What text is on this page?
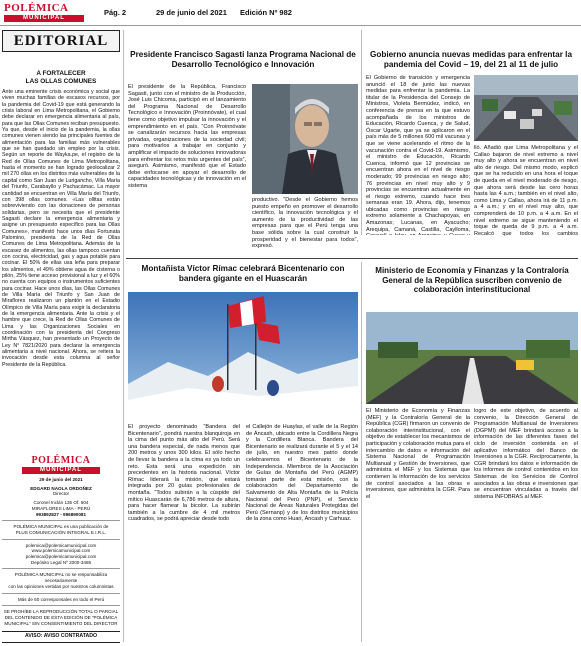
POLÉMICA
MUNICIPAL
Pág. 2	29 de junio del 2021 Edición Nº 982
EDITORIAL
A FORTALECER
LAS OLLAS COMUNES
Ante una eminente crisis económica y social que viven muchas familias de escasos recursos, por la pandemia del Covid-19 que está generando la crisis laboral en Lima Metropolitana, el Gobierno debe declarar en emergencia alimentaria al país, para que las Ollas Comunes reciban presupuesto. Ya que, desde el inicio de la pandemia, la ollas comunes vienen siendo las principales fuentes de alimentación para las familias más vulnerables que se han quedado sin empleo por la crisis. Según un reporte de Wayka.pe, el registro de la Red de Ollas Comunes de Lima Metropolitana, hasta el momento se han logrado geolocalizar 2 mil 270 ollas en los distritos más vulnerables de la capital como San Juan de Lurigancho, Villa María del Triunfo, Carabayllo y Pachacámac. La mayor cantidad se encuentran en Villa María del Triunfo, con 398 ollas comunes. «Las ollitas están sobreviviendo con las donaciones de personas solidarias, pero se necesita que el presidente Sagasti declare la emergencia alimentaria y asigne un presupuesto específico para las Ollas Comunes», manifestó hace unos días Fortunata Palomino, presidenta de la Red de Ollas Comunes de Lima Metropolitana. Además de la escasez de alimentos, las ollas tampoco cuentan con cocina, electricidad, gas y agua potable para cocinar. El 50% de ellas usa leña para preparar los alimentos, el 49% obtiene agua de cisterna o pilón, 25% tiene acceso provisional a luz y el 60% no cuenta con equipos o instrumentos suficientes para cocinar. Hace unos días, las Ollas Comunes de Villa María del Triunfo y San Juan de Miraflores realizaron un plantón en el Estadio Olímpico de Villa María para exigir la declaratoria de la emergencia alimentaria. Ante la crisis y el hambre que crece, la Red de Ollas Comunes de Lima y las Organizaciones Sociales en coordinación con la presidenta del Congreso Mirtha Vásquez, han presentado un Proyecto de Ley N° 7821/2020 para declarar la emergencia alimentaria a nivel nacional. Ahora, se reitera la invocación desde esta columna al señor Presidente de la República.
POLÉMICA
MUNICIPAL
29 de junio del 2021
EDGARD NAOLA ORDOÑEZ
Director
Coronel Inclán 135 Of. 604
MIRAFLORES LIMA - PERÚ
993892827 - 996890081
POLÉMICA MUNICIPAL es una publicación de
PLUS COMUNICACIÓN INTEGRAL E.I.R.L.
polemica@polemicamunicipal.com
www.polemicamunicipal.com
polemica@polemicamunicipal.com
Depósito Legal Nº 2000-3485
POLÉMICA MUNICIPAL no se responsabiliza necesariamente
con las opiniones vertidas por nuestros columnistas
Más de 60 corresponsales en todo el Perú
SE PROHÍBE LA REPRODUCCIÓN TOTAL O PARCIAL
DEL CONTENIDO DE ESTA EDICIÓN DE “POLÉMICA
MUNICIPAL” SIN CONSENTIMIENTO DEL DIRECTOR
AVISO: AVISO CONTRATADO
Presidente Francisco Sagasti lanza Programa Nacional de Desarrollo Tecnológico e Innovación
El presidente de la República, Francisco Sagasti, junto con el ministro de la Producción, José Luis Chicoma, participó en el lanzamiento del Programa Nacional de Desarrollo Tecnológico e Innovación (Proinnóvate), el cual tiene como objetivo impulsar la innovación y el emprendimiento en el país. “Con Proinnóvate se canalizarán recursos hacia las empresas privadas, organizaciones de la sociedad civil; para motivarlos a trabajar en conjunto y amplificar el impacto de soluciones innovadoras para enfrentar los retos más urgentes del país”, aseguró. Asimismo, manifestó que el Estado debe enfocarse en apoyar el desarrollo de capacidades tecnológicas y de innovación en el sistema
productivo. “Desde el Gobierno hemos puesto empeño en promover el desarrollo científico, la innovación tecnológica y el aumento de la productividad de las empresas para que el Perú tenga una base sólida sobre la cual construir la prosperidad y el bienestar para todos”, expresó.
Gobierno anuncia nuevas medidas para enfrentar la pandemia del Covid – 19, del 21 al 11 de julio
El Gobierno de transición y emergencia anunció el 18 de junio las nuevas medidas para enfrentar la pandemia. La titular de la Presidencia del Consejo de Ministros, Violeta Bermúdez, indicó, en conferencia de prensa en la que estuvo acompañada de los ministros de Educación, Ricardo Cuenca, y de Salud, Óscar Ugarte, que ya se aplicaron en el país más de 5 millones 600 mil vacunas y que se viene acelerando el ritmo de la vacunación contra el Covid-19. Asimismo, el ministro de Educación, Ricardo Cuenca, informó que 12 provincias se encuentran ahora en el nivel de riesgo moderado; 99 provincias en riesgo alto; 76 provincias en nivel muy alto y 9 provincias se encuentran actualmente en el riesgo extremo, cuando hace tres semanas eran 19. Ahora, dijo, tenemos ubicadas como provincias en riesgo extremo solamente a Chachapoyas, en Amazonas; Lucanas, en Ayacucho; Arequipa, Camaná, Castilla, Caylloma,
lló. Añadió que Lima Metropolitana y el Callao bajaron de nivel extremo a nivel muy alto y ahora se encuentran en nivel alto de riesgo. Del mismo modo, explicó que se ha reducido en una hora el toque de queda en el nivel moderado de riesgo, que ahora será desde las cero horas hasta las 4 a.m.; también en el nivel alto, como Lima y Callao, ahora irá de 11 p.m. a 4 a.m.; y en el nivel muy alto, que comprenderá de 10 p.m. a 4 a.m. En el nivel extremo se sigue manteniendo el toque de queda de 9 p.m. a 4 a.m. Recalcó que todos los cambios
Montañista Víctor Rímac celebrará Bicentenario con bandera gigante en el Huascarán
El proyecto denominado “Bandera del Bicentenario”, pondrá nuestra blanquiroja en la cima del punto más alto del Perú. Será una bandera especial, de nada menos que 200 metros y unos 300 kilos. El sólo hecho de llevar la bandera a la cima es ya todo un reto. Esta será una expedición sin precedentes en la historia nacional. Víctor Rímac liderará la misión, que estará integrada por 20 guías profesionales de montaña. “Todos subirán a la cúspide del mítico Huascarán de 6,786 metros de altura, para hacer flamear la bicolor. La subirán también a la cumbre de 4 mil metros cuadrados, se podrá apreciar desde todo
el Callejón de Huaylas, el valle de la Región de Áncash, ubicado entre la Cordillera Negra y la Cordillera Blanca. Bandera del Bicentenario se realizará durante el 5 y el 14 de julio, en nuestro mes patrio donde celebraremos el Bicentenario de la Independencia. Miembros de la Asociación de Guías de Montaña del Perú (AGMP) tomarán parte de esta misión, con la colaboración del Departamento de Salvamento de Alta Montaña de la Policía Nacional del Perú (PNP), el Servicio Nacional de Áreas Naturales Protegidas del Perú (Sernanp) y de los distritos municipios de la zona como Huari, Áncash y Carhuaz.
Ministerio de Economía y Finanzas y la Contraloría General de la República suscriben convenio de colaboración interinstitucional
El Ministerio de Economía y Finanzas (MEF) y la Contraloría General de la República (CGR) firmaron un convenio de colaboración interinstitucional, con el objetivo de establecer los mecanismos de participación y colaboración mutua para el intercambio de datos e información del Sistema Nacional de Programación Multianual y Gestión de Inversiones, que administra el MEF y los Sistemas que contienen la información de los servicios de control asociados a las obras e inversiones, que administra la CGR. Para el
logro de este objetivo, de acuerdo al convenio, la Dirección General de Programación Multianual de Inversiones (DGPMI) del MEF brindará acceso a la información de las diferentes fases del ciclo de inversión contenida en el aplicativo informático del Banco de Inversiones a la CGR. Recíprocamente, la CGR brindará los datos e información de los informes de control contenidos en los Sistemas de los Servicios de Control asociados a las obras e inversiones que se encuentran vinculadas a través del sistema INFOBRAS al MEF.
